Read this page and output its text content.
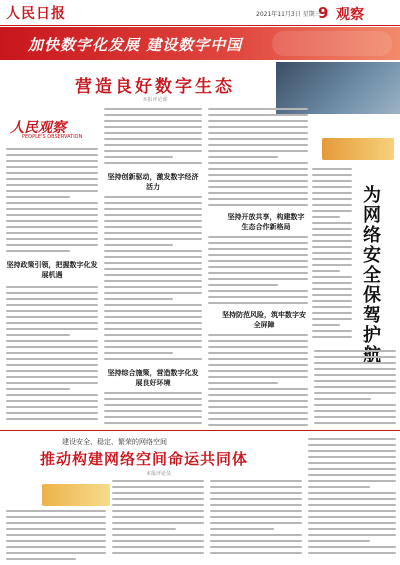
人民日报	2021年11月3日 星期三
9 观察
加快数字化发展 建设数字中国
营造良好数字生态
本报评论部
人民观察
PEOPLE'S OBSERVATION
坚持政策引领，把握数字化发展机遇
坚持创新驱动，激发数字经济活力
坚持综合施策，营造数字化发展良好环境
坚持开放共享，构建数字生态合作新格局
坚持防范风险，筑牢数字安全屏障
为网络安全保驾护航
建设安全、稳定、繁荣的网络空间
推动构建网络空间命运共同体
本报评论员
